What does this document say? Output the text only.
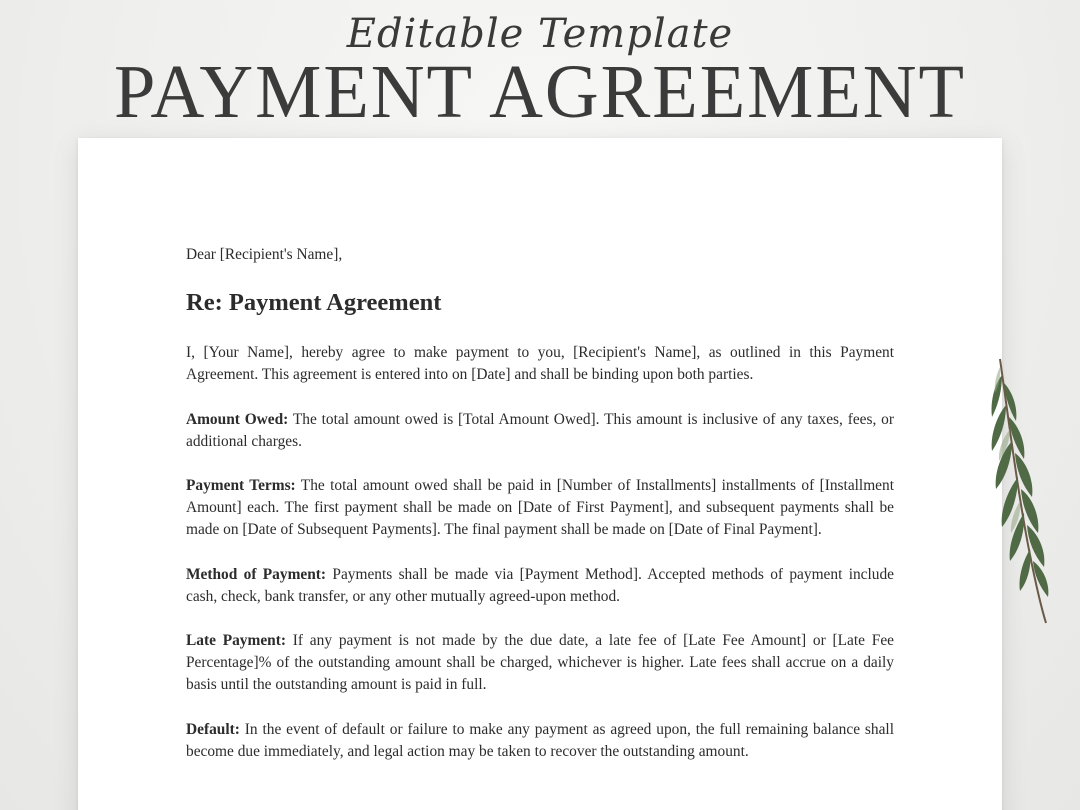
Editable Template
PAYMENT AGREEMENT

Dear [Recipient's Name],

Re: Payment Agreement

I, [Your Name], hereby agree to make payment to you, [Recipient's Name], as outlined in this Payment Agreement. This agreement is entered into on [Date] and shall be binding upon both parties.

Amount Owed: The total amount owed is [Total Amount Owed]. This amount is inclusive of any taxes, fees, or additional charges.

Payment Terms: The total amount owed shall be paid in [Number of Installments] installments of [Installment Amount] each. The first payment shall be made on [Date of First Payment], and subsequent payments shall be made on [Date of Subsequent Payments]. The final payment shall be made on [Date of Final Payment].

Method of Payment: Payments shall be made via [Payment Method]. Accepted methods of payment include cash, check, bank transfer, or any other mutually agreed-upon method.

Late Payment: If any payment is not made by the due date, a late fee of [Late Fee Amount] or [Late Fee Percentage]% of the outstanding amount shall be charged, whichever is higher. Late fees shall accrue on a daily basis until the outstanding amount is paid in full.

Default: In the event of default or failure to make any payment as agreed upon, the full remaining balance shall become due immediately, and legal action may be taken to recover the outstanding amount.
